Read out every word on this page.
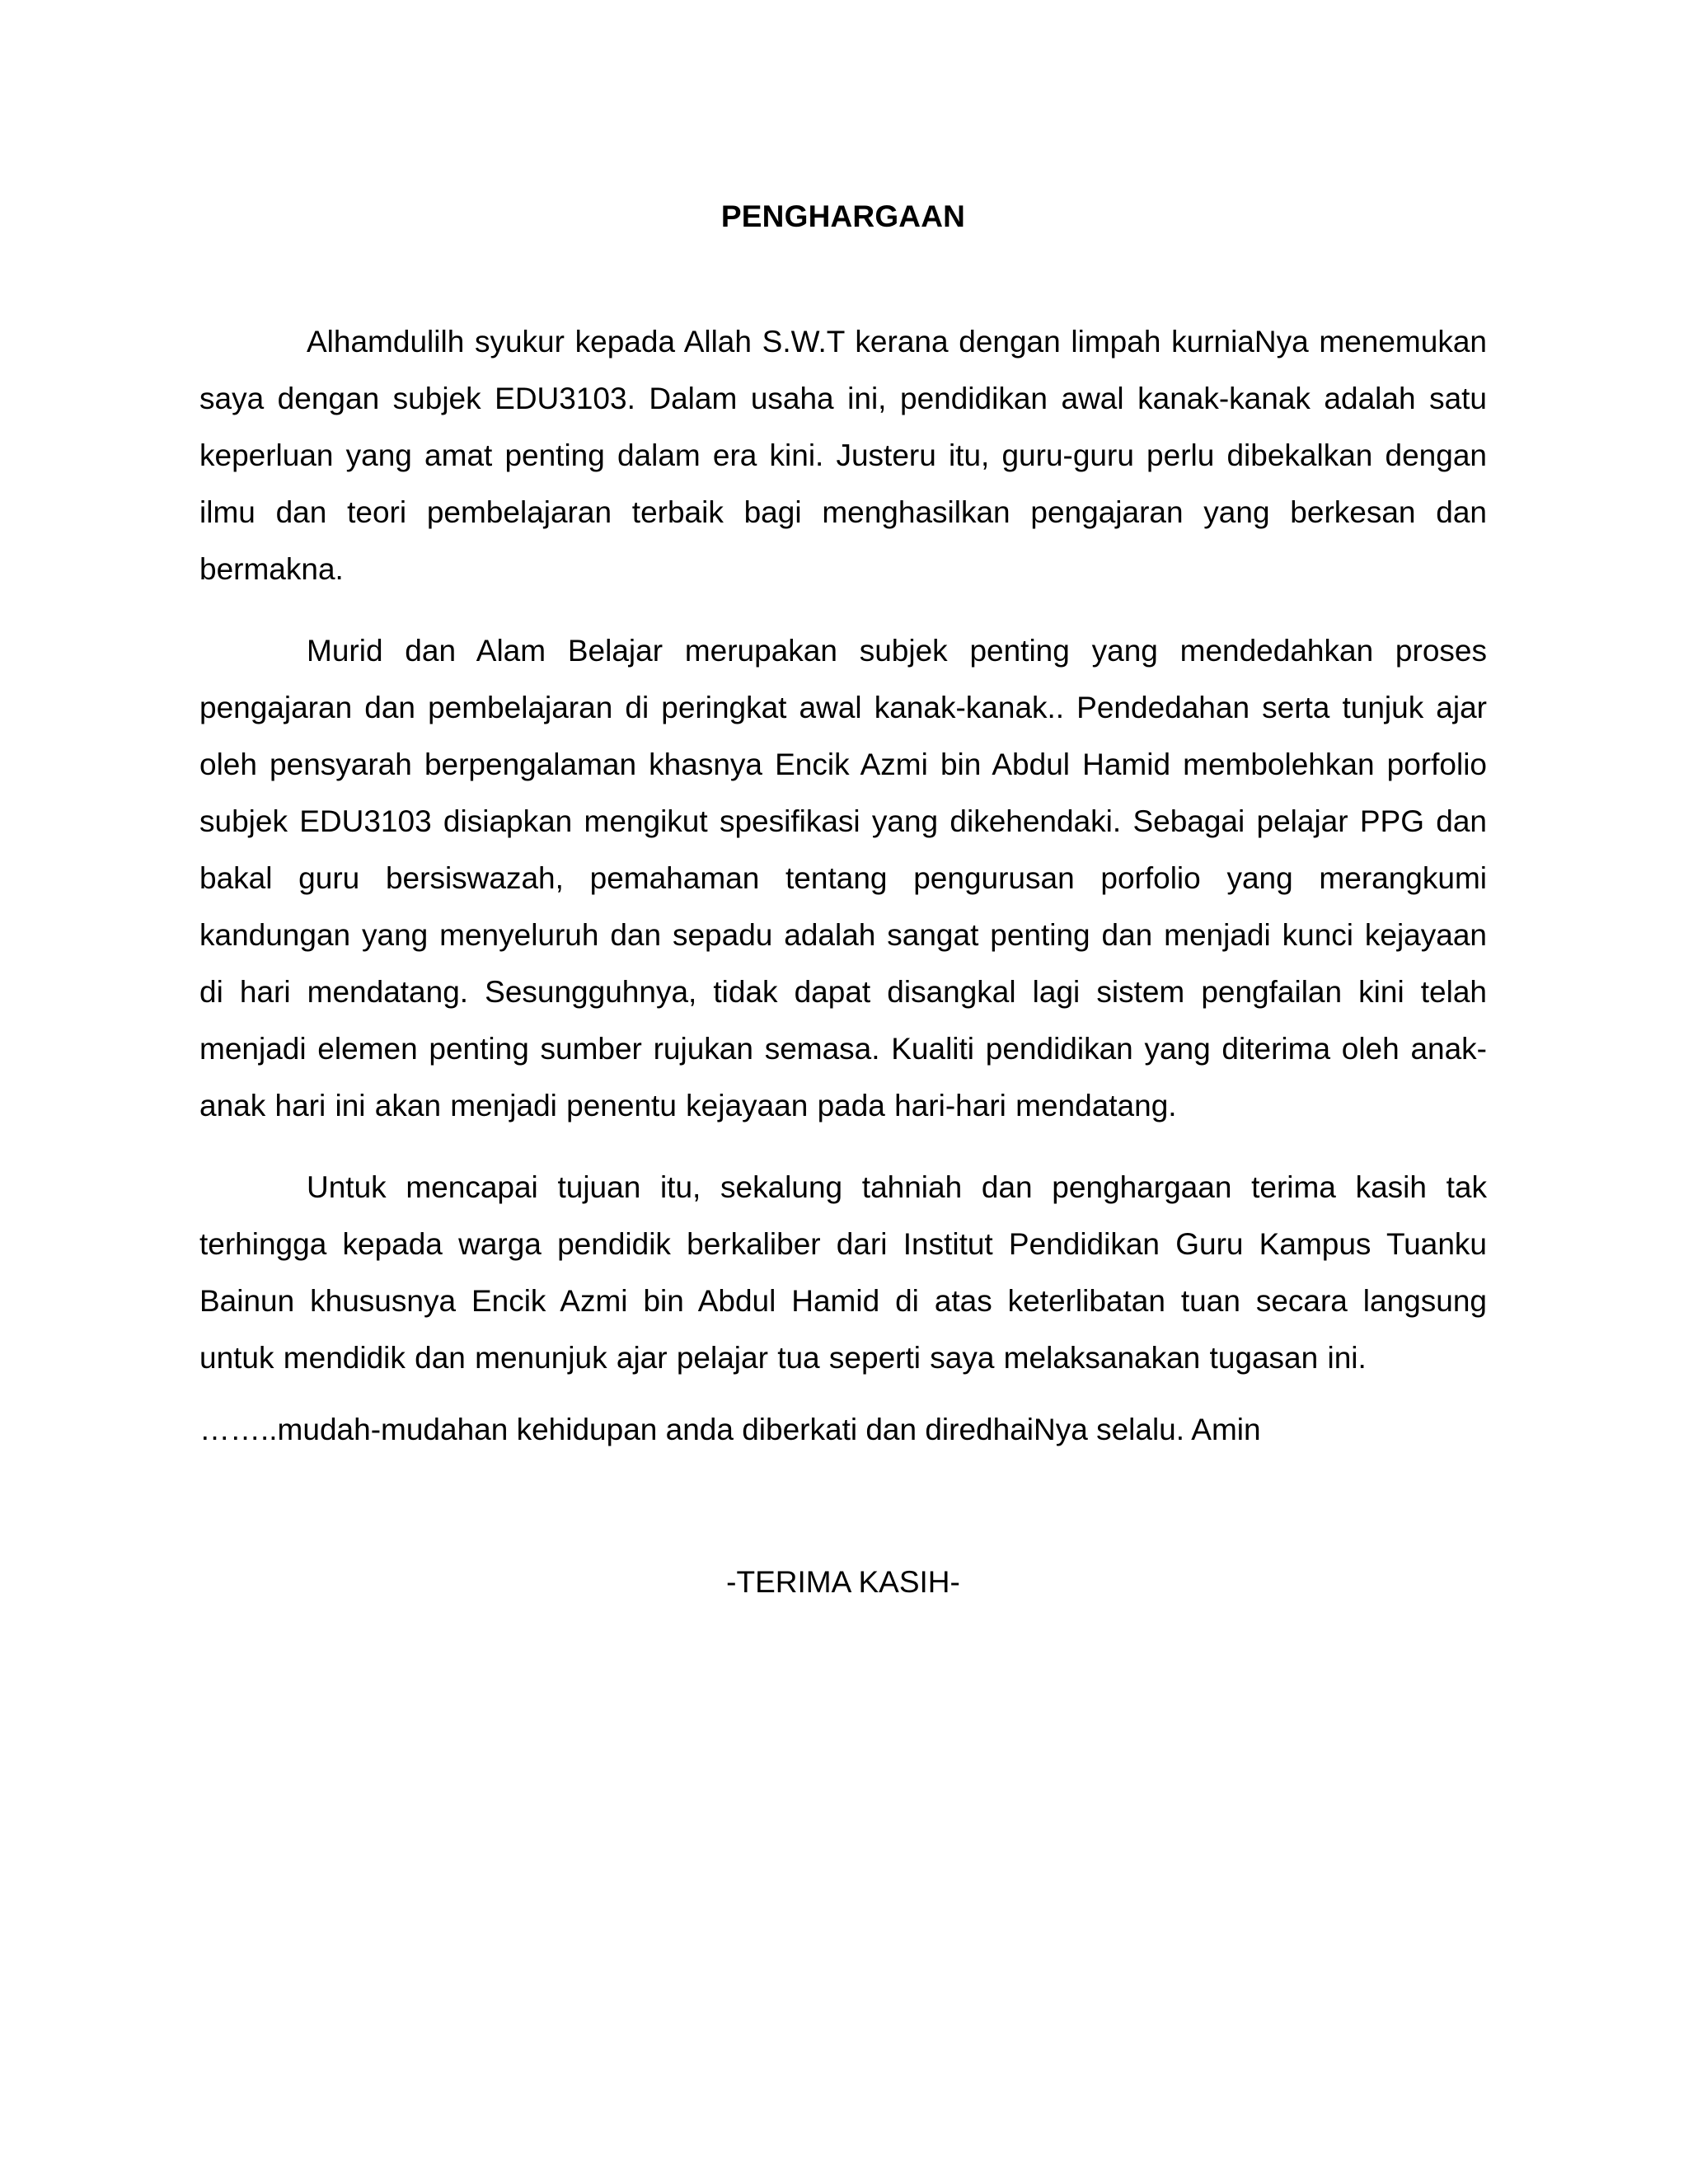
PENGHARGAAN

Alhamdulilh syukur kepada Allah S.W.T kerana dengan limpah kurniaNya menemukan saya dengan subjek EDU3103. Dalam usaha ini, pendidikan awal kanak-kanak adalah satu keperluan yang amat penting dalam era kini. Justeru itu, guru-guru perlu dibekalkan dengan ilmu dan teori pembelajaran terbaik bagi menghasilkan pengajaran yang berkesan dan bermakna.

Murid dan Alam Belajar merupakan subjek penting yang mendedahkan proses pengajaran dan pembelajaran di peringkat awal kanak-kanak.. Pendedahan serta tunjuk ajar oleh pensyarah berpengalaman khasnya Encik Azmi bin Abdul Hamid membolehkan porfolio subjek EDU3103 disiapkan mengikut spesifikasi yang dikehendaki. Sebagai pelajar PPG dan bakal guru bersiswazah, pemahaman tentang pengurusan porfolio yang merangkumi kandungan yang menyeluruh dan sepadu adalah sangat penting dan menjadi kunci kejayaan di hari mendatang. Sesungguhnya, tidak dapat disangkal lagi sistem pengfailan kini telah menjadi elemen penting sumber rujukan semasa. Kualiti pendidikan yang diterima oleh anak-anak hari ini akan menjadi penentu kejayaan pada hari-hari mendatang.

Untuk mencapai tujuan itu, sekalung tahniah dan penghargaan terima kasih tak terhingga kepada warga pendidik berkaliber dari Institut Pendidikan Guru Kampus Tuanku Bainun khususnya Encik Azmi bin Abdul Hamid di atas keterlibatan tuan secara langsung untuk mendidik dan menunjuk ajar pelajar tua seperti saya melaksanakan tugasan ini.

……..mudah-mudahan kehidupan anda diberkati dan diredhaiNya selalu. Amin

-TERIMA KASIH-
